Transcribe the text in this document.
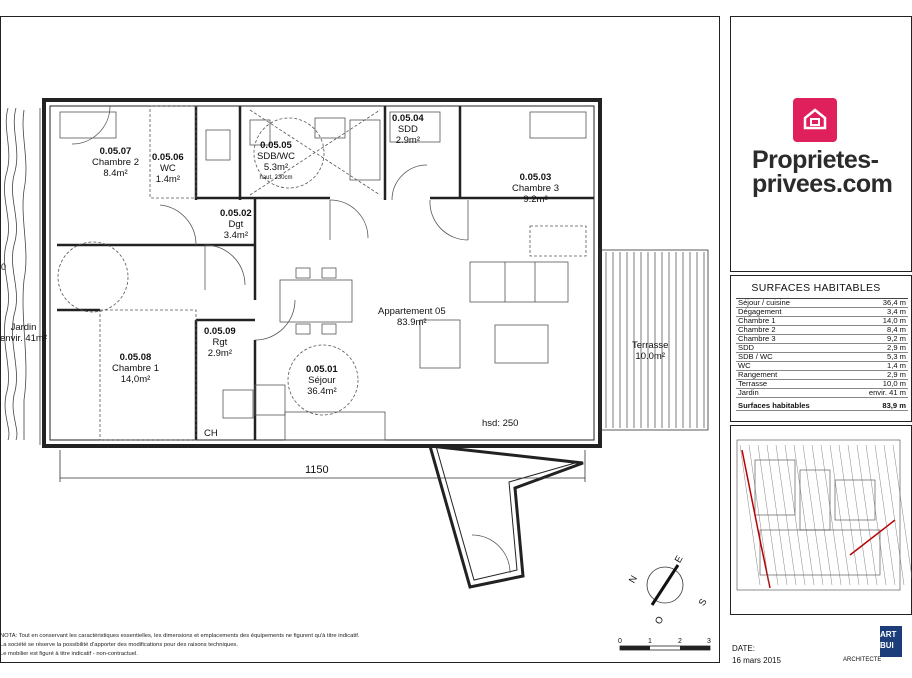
0.05.07
Chambre 2
8.4m²
0.05.06
WC
1.4m²
0.05.05
SDB/WC
5.3m²
haut. 230cm
0.05.04
SDD
2.9m²
0.05.03
Chambre 3
9.2m²
0.05.02
Dgt
3.4m²
0.05.08
Chambre 1
14,0m²
0.05.09
Rgt
2.9m²
0.05.01
Séjour
36.4m²
Appartement 05
83.9m²
Terrasse
10.0m²
Jardin
envir. 41m²
CH
hsd: 250
1150
0
N
E
S
O
0	1	2	3
NOTA: Tout en conservant les caractéristiques essentielles, les dimensions et emplacements des équipements ne figurent qu'à titre indicatif.
La société se réserve la possibilité d'apporter des modifications pour des raisons techniques.
Le mobilier est figuré à titre indicatif - non-contractuel.
Proprietes-
privees.com
SURFACES HABITABLES
Séjour / cuisine	36,4 m
Dégagement	3,4 m
Chambre 1	14,0 m
Chambre 2	8,4 m
Chambre 3	9,2 m
SDD	2,9 m
SDB / WC	5,3 m
WC	1,4 m
Rangement	2,9 m
Terrasse	10,0 m
Jardin	envir. 41 m
Surfaces habitables	83,9 m
DATE:
16 mars 2015
ART
BUI
ARCHITECTE
